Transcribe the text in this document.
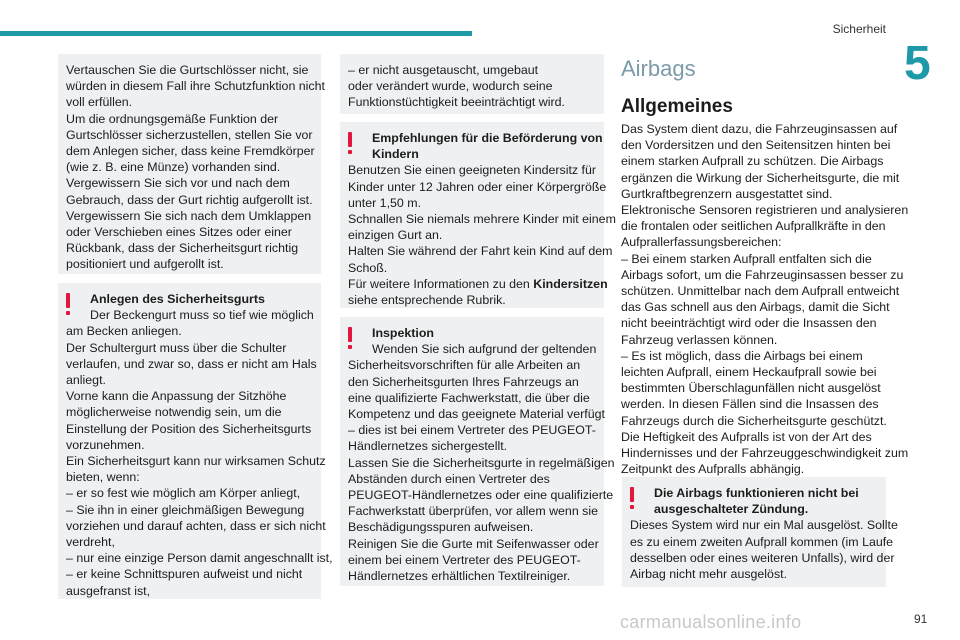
Sicherheit
5
Vertauschen Sie die Gurtschlösser nicht, sie
würden in diesem Fall ihre Schutzfunktion nicht
voll erfüllen.
Um die ordnungsgemäße Funktion der
Gurtschlösser sicherzustellen, stellen Sie vor
dem Anlegen sicher, dass keine Fremdkörper
(wie z. B. eine Münze) vorhanden sind.
Vergewissern Sie sich vor und nach dem
Gebrauch, dass der Gurt richtig aufgerollt ist.
Vergewissern Sie sich nach dem Umklappen
oder Verschieben eines Sitzes oder einer
Rückbank, dass der Sicherheitsgurt richtig
positioniert und aufgerollt ist.
Anlegen des Sicherheitsgurts
Der Beckengurt muss so tief wie möglich
am Becken anliegen.
Der Schultergurt muss über die Schulter
verlaufen, und zwar so, dass er nicht am Hals
anliegt.
Vorne kann die Anpassung der Sitzhöhe
möglicherweise notwendig sein, um die
Einstellung der Position des Sicherheitsgurts
vorzunehmen.
Ein Sicherheitsgurt kann nur wirksamen Schutz
bieten, wenn:
– er so fest wie möglich am Körper anliegt,
– Sie ihn in einer gleichmäßigen Bewegung
vorziehen und darauf achten, dass er sich nicht
verdreht,
– nur eine einzige Person damit angeschnallt ist,
– er keine Schnittspuren aufweist und nicht
ausgefranst ist,
– er nicht ausgetauscht, umgebaut
oder verändert wurde, wodurch seine
Funktionstüchtigkeit beeinträchtigt wird.
Empfehlungen für die Beförderung von
Kindern
Benutzen Sie einen geeigneten Kindersitz für
Kinder unter 12 Jahren oder einer Körpergröße
unter 1,50 m.
Schnallen Sie niemals mehrere Kinder mit einem
einzigen Gurt an.
Halten Sie während der Fahrt kein Kind auf dem
Schoß.
Für weitere Informationen zu den Kindersitzen
siehe entsprechende Rubrik.
Inspektion
Wenden Sie sich aufgrund der geltenden
Sicherheitsvorschriften für alle Arbeiten an
den Sicherheitsgurten Ihres Fahrzeugs an
eine qualifizierte Fachwerkstatt, die über die
Kompetenz und das geeignete Material verfügt
– dies ist bei einem Vertreter des PEUGEOT-
Händlernetzes sichergestellt.
Lassen Sie die Sicherheitsgurte in regelmäßigen
Abständen durch einen Vertreter des
PEUGEOT-Händlernetzes oder eine qualifizierte
Fachwerkstatt überprüfen, vor allem wenn sie
Beschädigungsspuren aufweisen.
Reinigen Sie die Gurte mit Seifenwasser oder
einem bei einem Vertreter des PEUGEOT-
Händlernetzes erhältlichen Textilreiniger.
Airbags
Allgemeines
Das System dient dazu, die Fahrzeuginsassen auf
den Vordersitzen und den Seitensitzen hinten bei
einem starken Aufprall zu schützen. Die Airbags
ergänzen die Wirkung der Sicherheitsgurte, die mit
Gurtkraftbegrenzern ausgestattet sind.
Elektronische Sensoren registrieren und analysieren
die frontalen oder seitlichen Aufprallkräfte in den
Aufprallerfassungsbereichen:
– Bei einem starken Aufprall entfalten sich die
Airbags sofort, um die Fahrzeuginsassen besser zu
schützen. Unmittelbar nach dem Aufprall entweicht
das Gas schnell aus den Airbags, damit die Sicht
nicht beeinträchtigt wird oder die Insassen den
Fahrzeug verlassen können.
– Es ist möglich, dass die Airbags bei einem
leichten Aufprall, einem Heckaufprall sowie bei
bestimmten Überschlagunfällen nicht ausgelöst
werden. In diesen Fällen sind die Insassen des
Fahrzeugs durch die Sicherheitsgurte geschützt.
Die Heftigkeit des Aufpralls ist von der Art des
Hindernisses und der Fahrzeuggeschwindigkeit zum
Zeitpunkt des Aufpralls abhängig.
Die Airbags funktionieren nicht bei
ausgeschalteter Zündung.
Dieses System wird nur ein Mal ausgelöst. Sollte
es zu einem zweiten Aufprall kommen (im Laufe
desselben oder eines weiteren Unfalls), wird der
Airbag nicht mehr ausgelöst.
carmanualsonline.info	91
